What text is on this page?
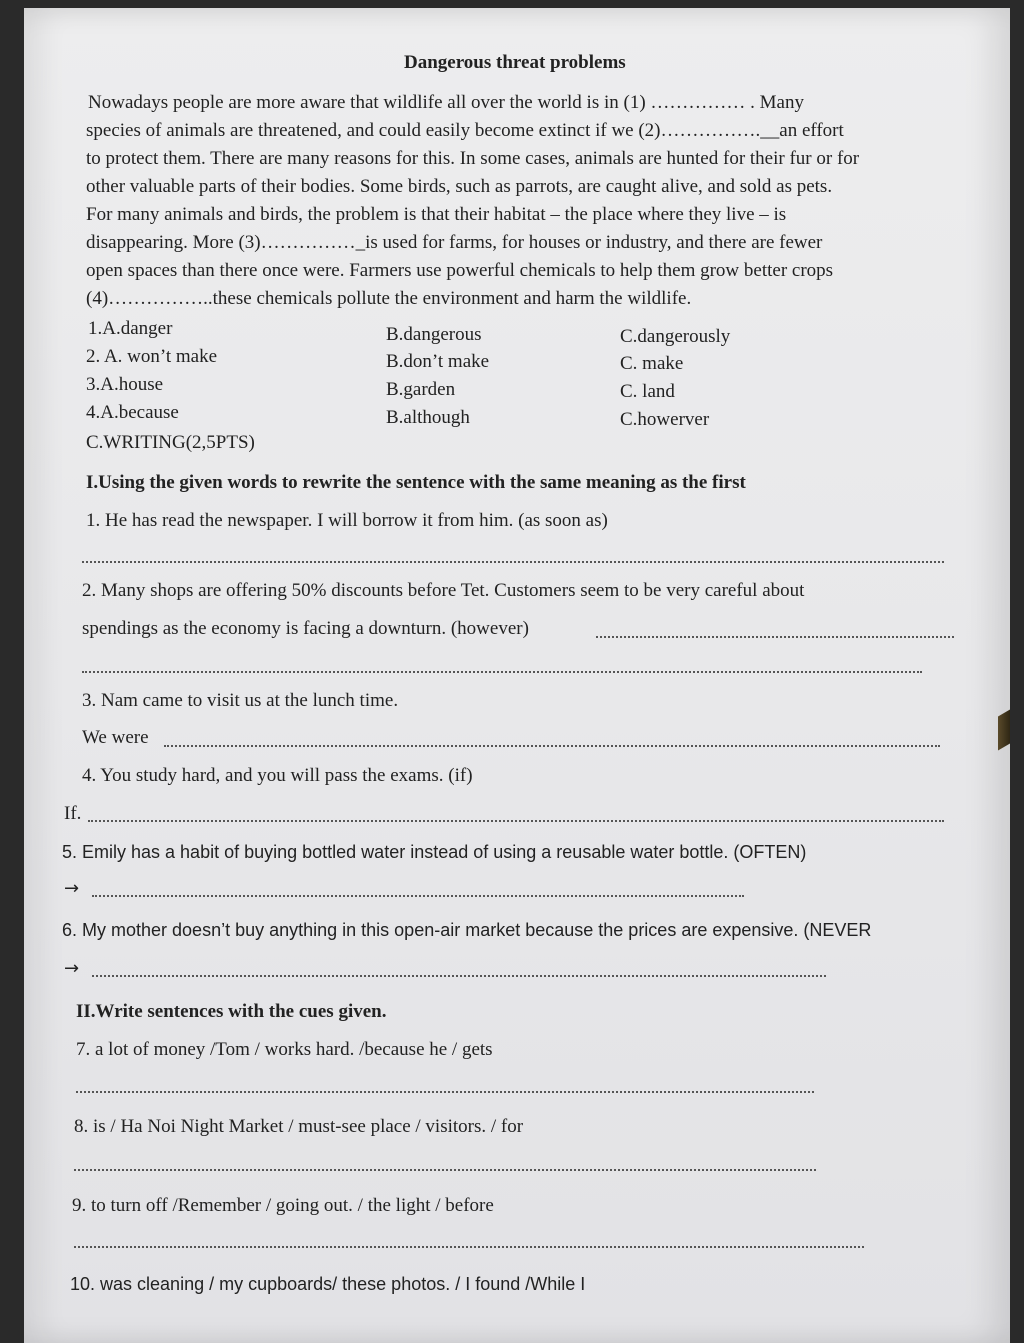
Dangerous threat problems
Nowadays people are more aware that wildlife all over the world is in (1) …………… . Many
species of animals are threatened, and could easily become extinct if we (2)…………….__an effort
to protect them. There are many reasons for this. In some cases, animals are hunted for their fur or for
other valuable parts of their bodies. Some birds, such as parrots, are caught alive, and sold as pets.
For many animals and birds, the problem is that their habitat – the place where they live – is
disappearing. More (3)……………_is used for farms, for houses or industry, and there are fewer
open spaces than there once were. Farmers use powerful chemicals to help them grow better crops
(4)……………..these chemicals pollute the environment and harm the wildlife.
1.A.danger	B.dangerous	C.dangerously
2. A. won’t make	B.don’t make	C. make
3.A.house	B.garden	C. land
4.A.because	B.although	C.howerver
C.WRITING(2,5PTS)
I.Using the given words to rewrite the sentence with the same meaning as the first
1. He has read the newspaper. I will borrow it from him. (as soon as)
2. Many shops are offering 50% discounts before Tet. Customers seem to be very careful about
spendings as the economy is facing a downturn. (however)
3. Nam came to visit us at the lunch time.
We were
4. You study hard, and you will pass the exams. (if)
If.
5. Emily has a habit of buying bottled water instead of using a reusable water bottle. (OFTEN)
→
6. My mother doesn’t buy anything in this open-air market because the prices are expensive. (NEVER
→
II.Write sentences with the cues given.
7. a lot of money /Tom / works hard. /because he / gets
8. is / Ha Noi Night Market / must-see place / visitors. / for
9. to turn off /Remember / going out. / the light / before
10. was cleaning / my cupboards/ these photos. / I found /While I
